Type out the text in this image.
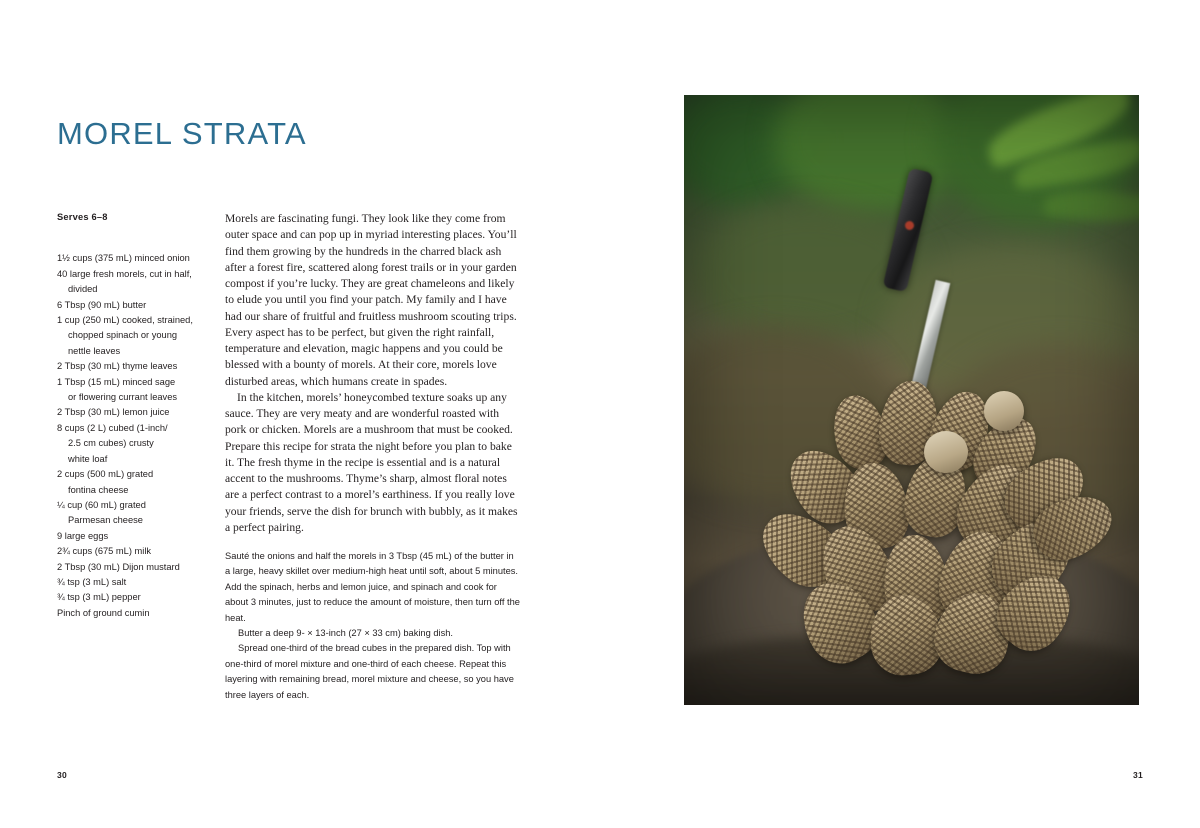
MOREL STRATA
Serves 6–8
1½ cups (375 mL) minced onion
40 large fresh morels, cut in half,
divided
6 Tbsp (90 mL) butter
1 cup (250 mL) cooked, strained,
chopped spinach or young
nettle leaves
2 Tbsp (30 mL) thyme leaves
1 Tbsp (15 mL) minced sage
or flowering currant leaves
2 Tbsp (30 mL) lemon juice
8 cups (2 L) cubed (1-inch/
2.5 cm cubes) crusty
white loaf
2 cups (500 mL) grated
fontina cheese
¼ cup (60 mL) grated
Parmesan cheese
9 large eggs
2¾ cups (675 mL) milk
2 Tbsp (30 mL) Dijon mustard
¾ tsp (3 mL) salt
¾ tsp (3 mL) pepper
Pinch of ground cumin

Morels are fascinating fungi. They look like they come from outer space and can pop up in myriad interesting places. You’ll find them growing by the hundreds in the charred black ash after a forest fire, scattered along forest trails or in your garden compost if you’re lucky. They are great chameleons and likely to elude you until you find your patch. My family and I have had our share of fruitful and fruitless mushroom scouting trips. Every aspect has to be perfect, but given the right rainfall, temperature and elevation, magic happens and you could be blessed with a bounty of morels. At their core, morels love disturbed areas, which humans create in spades.

In the kitchen, morels’ honeycombed texture soaks up any sauce. They are very meaty and are wonderful roasted with pork or chicken. Morels are a mushroom that must be cooked. Prepare this recipe for strata the night before you plan to bake it. The fresh thyme in the recipe is essential and is a natural accent to the mushrooms. Thyme’s sharp, almost floral notes are a perfect contrast to a morel’s earthiness. If you really love your friends, serve the dish for brunch with bubbly, as it makes a perfect pairing.

Sauté the onions and half the morels in 3 Tbsp (45 mL) of the butter in a large, heavy skillet over medium-high heat until soft, about 5 minutes. Add the spinach, herbs and lemon juice, and spinach and cook for about 3 minutes, just to reduce the amount of moisture, then turn off the heat.

Butter a deep 9- × 13-inch (27 × 33 cm) baking dish.

Spread one-third of the bread cubes in the prepared dish. Top with one-third of morel mixture and one-third of each cheese. Repeat this layering with remaining bread, morel mixture and cheese, so you have three layers of each.

30	31
